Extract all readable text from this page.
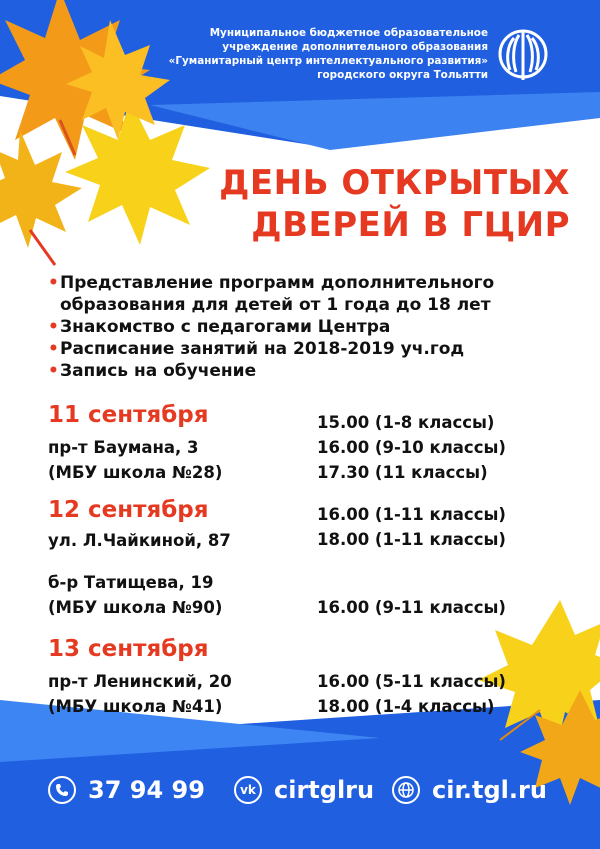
Муниципальное бюджетное образовательное
учреждение дополнительного образования
«Гуманитарный центр интеллектуального развития»
городского округа Тольятти
ДЕНЬ ОТКРЫТЫХ
ДВЕРЕЙ В ГЦИР
• Представление программ дополнительного
образования для детей от 1 года до 18 лет
• Знакомство с педагогами Центра
• Расписание занятий на 2018-2019 уч.год
• Запись на обучение
11 сентября
пр-т Баумана, 3
(МБУ школа №28)
15.00 (1-8 классы)
16.00 (9-10 классы)
17.30 (11 классы)
12 сентября
ул. Л.Чайкиной, 87
16.00 (1-11 классы)
18.00 (1-11 классы)
б-р Татищева, 19
(МБУ школа №90)	16.00 (9-11 классы)
13 сентября
пр-т Ленинский, 20
(МБУ школа №41)
16.00 (5-11 классы)
18.00 (1-4 классы)
37 94 99	vk cirtglru cir.tgl.ru
